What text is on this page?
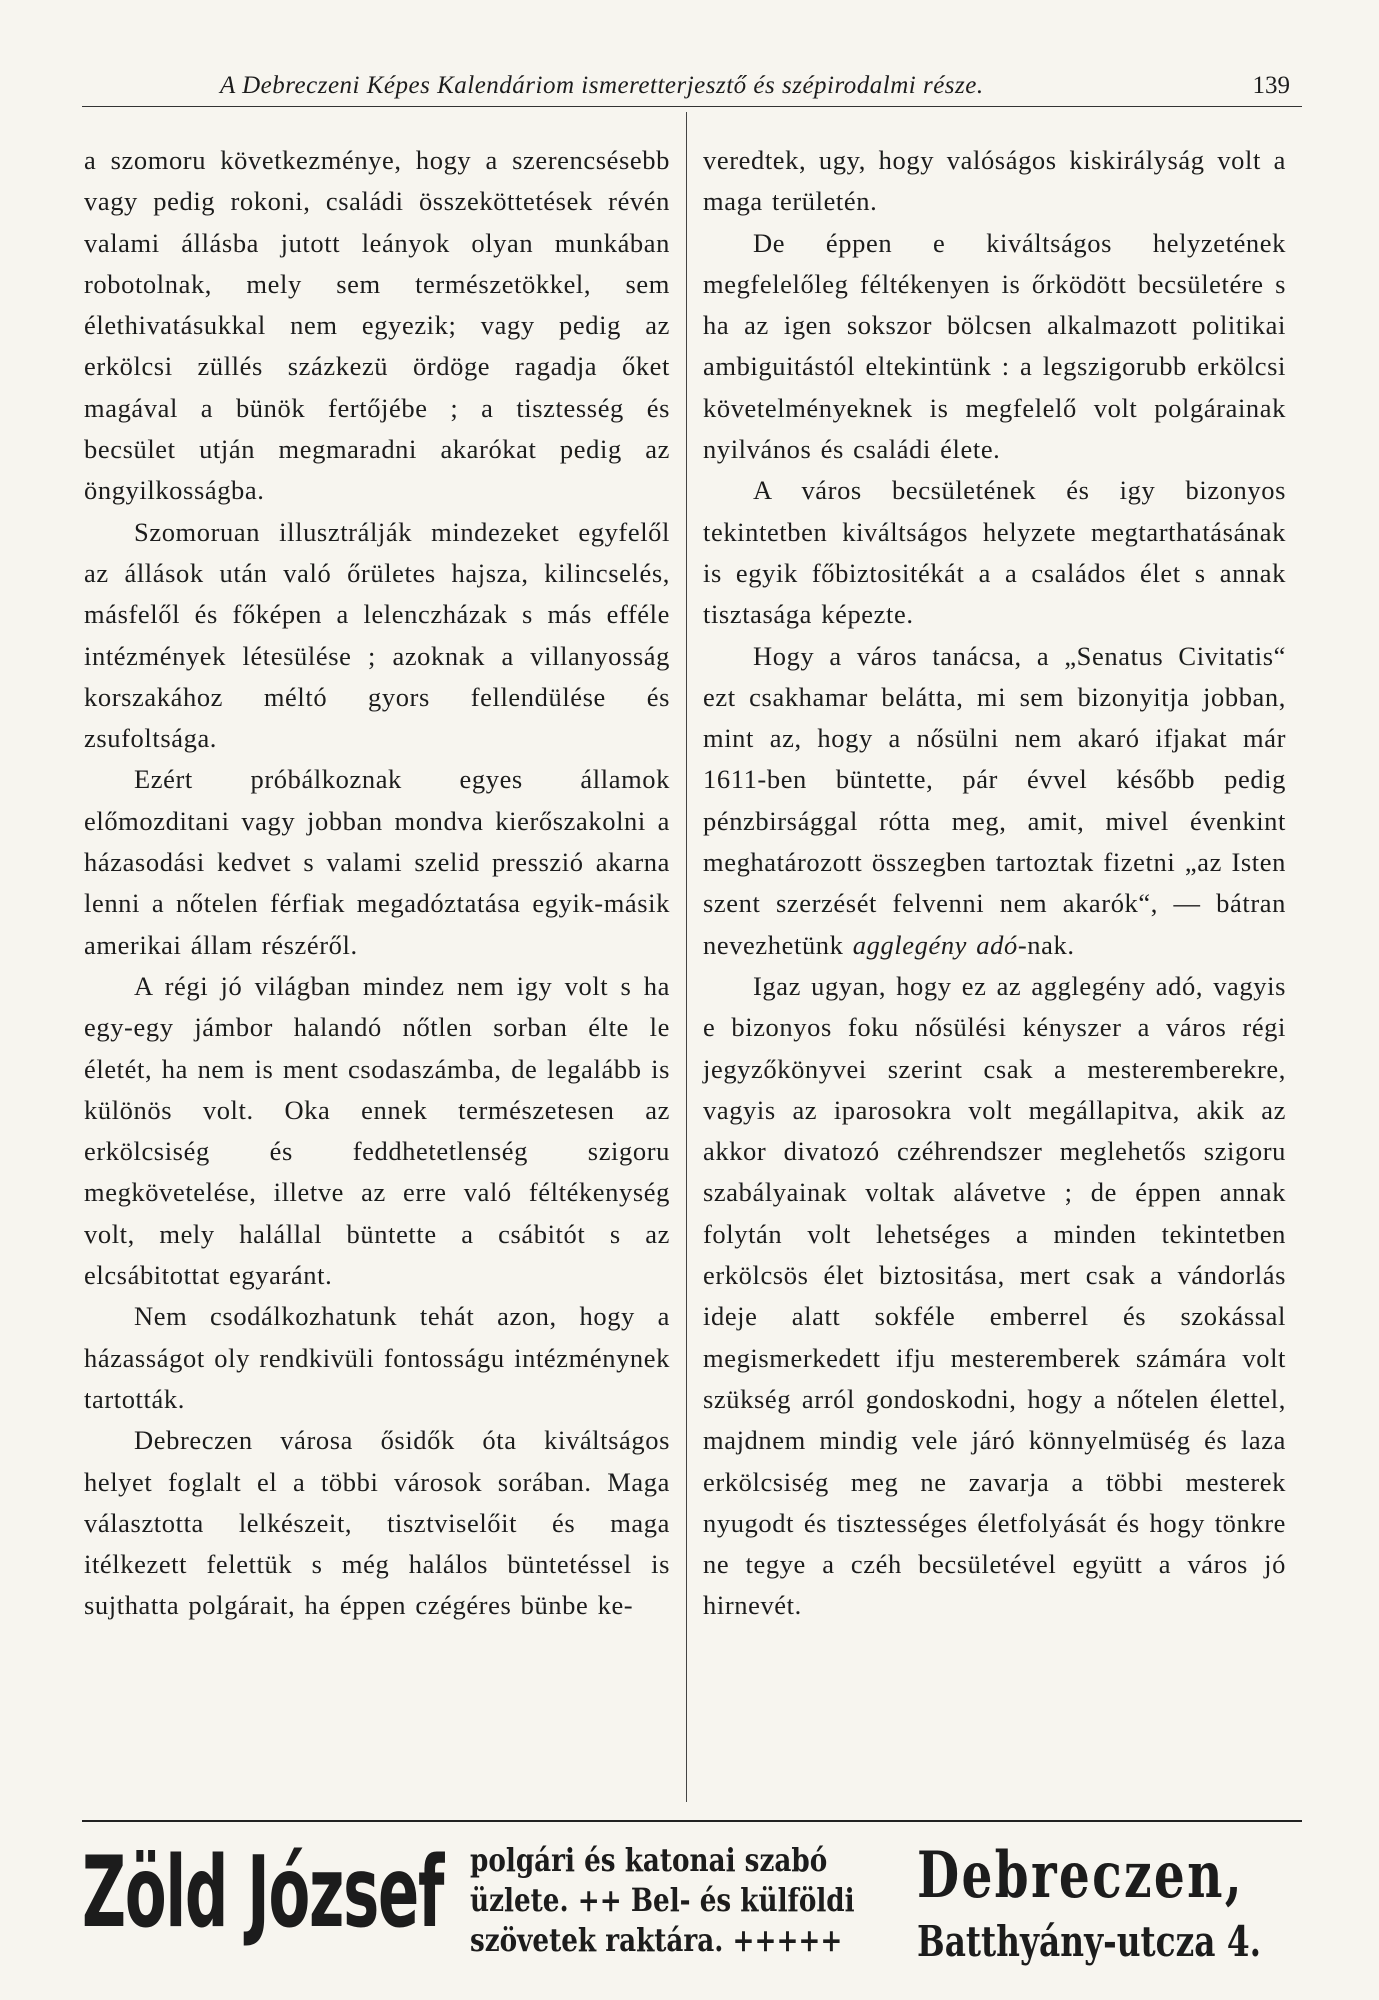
A Debreczeni Képes Kalendáriom ismeretterjesztő és szépirodalmi része.	139

a szomoru következménye, hogy a szerencsésebb vagy pedig rokoni, családi összeköttetések révén valami állásba jutott leányok olyan munkában robotolnak, mely sem természetökkel, sem élethivatásukkal nem egyezik; vagy pedig az erkölcsi züllés százkezü ördöge ragadja őket magával a bünök fertőjébe ; a tisztesség és becsület utján megmaradni akarókat pedig az öngyilkosságba.

Szomoruan illusztrálják mindezeket egyfelől az állások után való őrületes hajsza, kilincselés, másfelől és főképen a lelenczházak s más efféle intézmények létesülése ; azoknak a villanyosság korszakához méltó gyors fellendülése és zsufoltsága.

Ezért próbálkoznak egyes államok előmozditani vagy jobban mondva kierőszakolni a házasodási kedvet s valami szelid presszió akarna lenni a nőtelen férfiak megadóztatása egyik-másik amerikai állam részéről.

A régi jó világban mindez nem igy volt s ha egy-egy jámbor halandó nőtlen sorban élte le életét, ha nem is ment csodaszámba, de legalább is különös volt. Oka ennek természetesen az erkölcsiség és feddhetetlenség szigoru megkövetelése, illetve az erre való féltékenység volt, mely halállal büntette a csábitót s az elcsábitottat egyaránt.

Nem csodálkozhatunk tehát azon, hogy a házasságot oly rendkivüli fontosságu intézménynek tartották.

Debreczen városa ősidők óta kiváltságos helyet foglalt el a többi városok sorában. Maga választotta lelkészeit, tisztviselőit és maga itélkezett felettük s még halálos büntetéssel is sujthatta polgárait, ha éppen czégéres bünbe ke-

veredtek, ugy, hogy valóságos kiskirályság volt a maga területén.

De éppen e kiváltságos helyzetének megfelelőleg féltékenyen is őrködött becsületére s ha az igen sokszor bölcsen alkalmazott politikai ambiguitástól eltekintünk : a legszigorubb erkölcsi követelményeknek is megfelelő volt polgárainak nyilvános és családi élete.

A város becsületének és igy bizonyos tekintetben kiváltságos helyzete megtarthatásának is egyik főbiztositékát a a családos élet s annak tisztasága képezte.

Hogy a város tanácsa, a „Senatus Civitatis“ ezt csakhamar belátta, mi sem bizonyitja jobban, mint az, hogy a nősülni nem akaró ifjakat már 1611-ben büntette, pár évvel később pedig pénzbirsággal rótta meg, amit, mivel évenkint meghatározott összegben tartoztak fizetni „az Isten szent szerzését felvenni nem akarók“, — bátran nevezhetünk agglegény adó-nak.

Igaz ugyan, hogy ez az agglegény adó, vagyis e bizonyos foku nősülési kényszer a város régi jegyzőkönyvei szerint csak a mesteremberekre, vagyis az iparosokra volt megállapitva, akik az akkor divatozó czéhrendszer meglehetős szigoru szabályainak voltak alávetve ; de éppen annak folytán volt lehetséges a minden tekintetben erkölcsös élet biztositása, mert csak a vándorlás ideje alatt sokféle emberrel és szokással megismerkedett ifju mesteremberek számára volt szükség arról gondoskodni, hogy a nőtelen élettel, majdnem mindig vele járó könnyelmüség és laza erkölcsiség meg ne zavarja a többi mesterek nyugodt és tisztességes életfolyását és hogy tönkre ne tegye a czéh becsületével együtt a város jó hirnevét.

Zöld József polgári és katonai szabó
üzlete. ++ Bel- és külföldi
szövetek raktára. +++++
Debreczen,
Batthyány-utcza 4.
